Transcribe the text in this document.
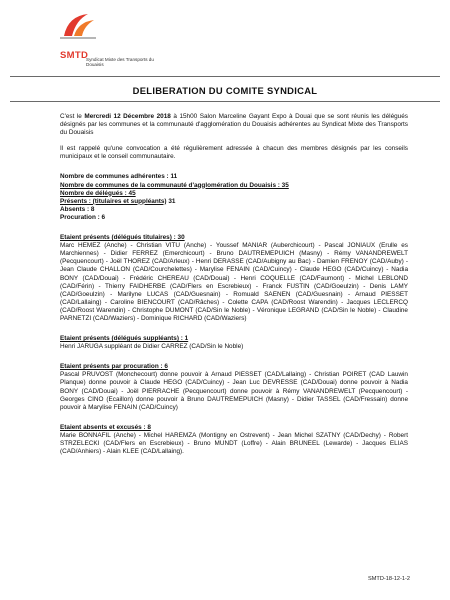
SMTD
Syndicat Mixte des Transports du Douaisis
DELIBERATION DU COMITE SYNDICAL

C'est le Mercredi 12 Décembre 2018 à 15h00 Salon Marceline Gayant Expo à Douai que se sont réunis les délégués désignés par les communes et la communauté d'agglomération du Douaisis adhérentes au Syndicat Mixte des Transports du Douaisis

Il est rappelé qu'une convocation a été régulièrement adressée à chacun des membres désignés par les conseils municipaux et le conseil communautaire.

Nombre de communes adhérentes : 11

Nombre de communes de la communauté d'agglomération du Douaisis : 35

Nombre de délégués : 45

Présents : (titulaires et suppléants) 31

Absents : 8

Procuration : 6

Etaient présents (délégués titulaires) : 30

Marc HEMEZ (Anche) - Christian VITU (Anche) - Youssef MANIAR (Auberchicourt) - Pascal JONIAUX (Erulle es Marchiennes) - Didier FERREZ (Emerchicourt) - Bruno DAUTREMEPUICH (Masny) - Rémy VANANDREWELT (Pecquencourt) - Joël THOREZ (CAD/Arleux) - Henri DERASSE (CAD/Aubigny au Bac) - Damien FRENOY (CAD/Auby) - Jean Claude CHALLON (CAD/Courchelettes) - Marylise FENAIN (CAD/Cuincy) - Claude HEGO (CAD/Cuincy) - Nadia BONY (CAD/Douai) - Frédéric CHEREAU (CAD/Douai) - Henri COQUELLE (CAD/Faumont) - Michel LEBLOND (CAD/Férin) - Thierry FAIDHERBE (CAD/Flers en Escrebieux) - Franck FUSTIN (CAD/Goeulzin) - Denis LAMY (CAD/Goeulzin) - Marilyne LUCAS (CAD/Guesnain) - Romuald SAENEN (CAD/Guesnain) - Arnaud PIESSET (CAD/Lallaing) - Caroline BIENCOURT (CAD/Râches) - Colette CAPA (CAD/Roost Warendin) - Jacques LECLERCQ (CAD/Roost Warendin) - Christophe DUMONT (CAD/Sin le Noble) - Véronique LEGRAND (CAD/Sin le Noble) - Claudine PARNETZI (CAD/Waziers) - Dominique RICHARD (CAD/Waziers)

Etaient présents (délégués suppléants) : 1

Henri JARUGA suppléant de Didier CARREZ (CAD/Sin le Noble)

Etaient présents par procuration : 6

Pascal PRUVOST (Monchecourt) donne pouvoir à Arnaud PIESSET (CAD/Lallaing) - Christian POIRET (CAD Lauwin Planque) donne pouvoir à Claude HEGO (CAD/Cuincy) - Jean Luc DEVRESSE (CAD/Douai) donne pouvoir à Nadia BONY (CAD/Douai) - Joël PIERRACHE (Pecquencourt) donne pouvoir à Rémy VANANDREWELT (Pecquencourt) - Georges CINO (Ecaillon) donne pouvoir à Bruno DAUTREMEPUICH (Masny) - Didier TASSEL (CAD/Fressain) donne pouvoir à Marylise FENAIN (CAD/Cuincy)

Etaient absents et excusés : 8

Marie BONNAFIL (Anche) - Michel HAREMZA (Montigny en Ostrevent) - Jean Michel SZATNY (CAD/Dechy) - Robert STRZELECKI (CAD/Flers en Escrebieux) - Bruno MUNDT (Loffre) - Alain BRUNEEL (Lewarde) - Jacques ELIAS (CAD/Anhiers) - Alain KLEE (CAD/Lallaing).

SMTD-18-12-1-2
